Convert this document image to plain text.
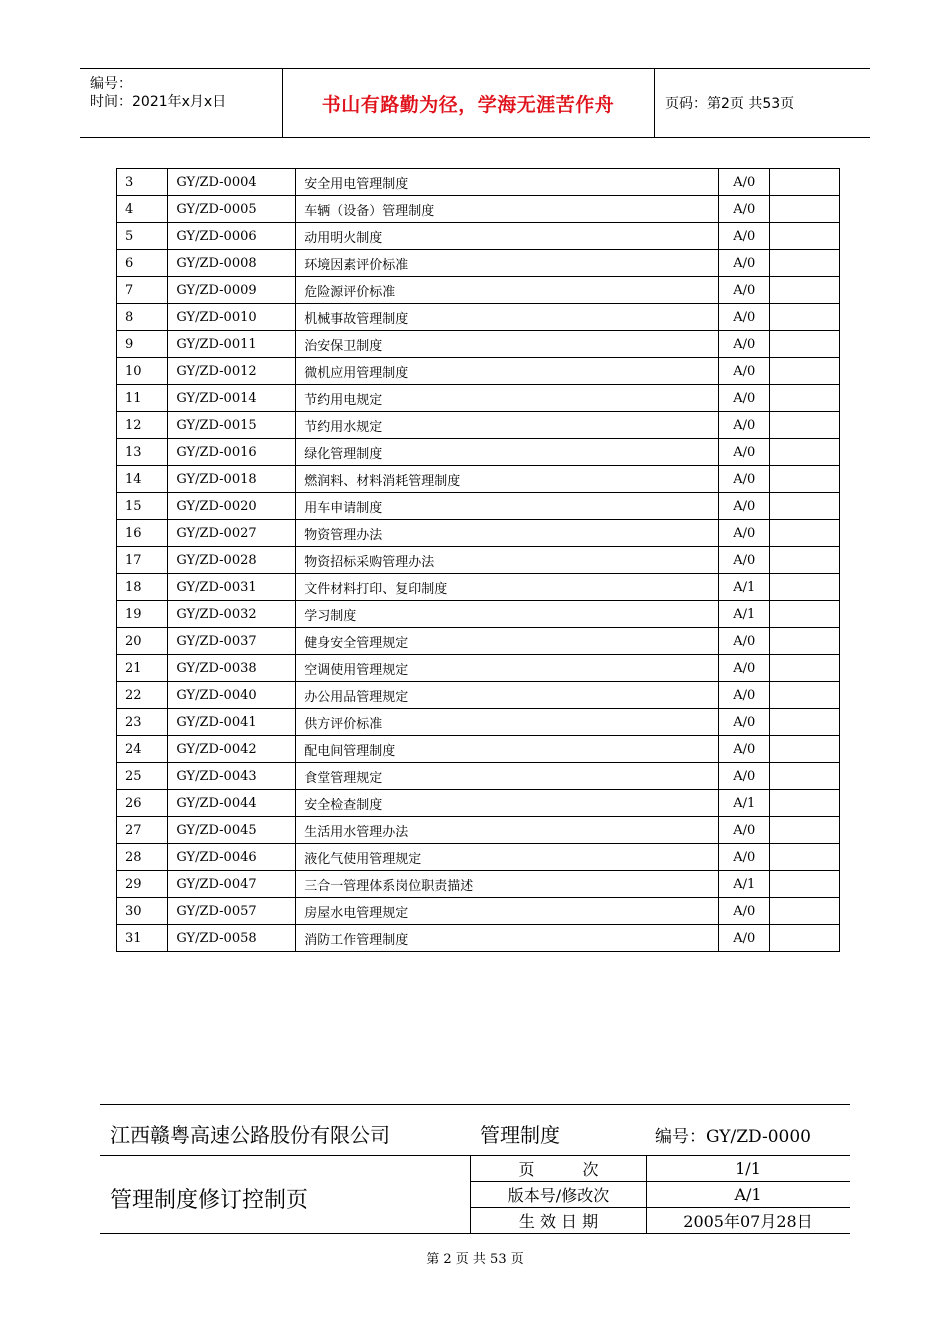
编号：
时间：2021年x月x日	书山有路勤为径，学海无涯苦作舟	页码：第2页 共53页
3	GY/ZD-0004	安全用电管理制度	A/0	
4	GY/ZD-0005	车辆（设备）管理制度	A/0	
5	GY/ZD-0006	动用明火制度	A/0	
6	GY/ZD-0008	环境因素评价标准	A/0	
7	GY/ZD-0009	危险源评价标准	A/0	
8	GY/ZD-0010	机械事故管理制度	A/0	
9	GY/ZD-0011	治安保卫制度	A/0	
10	GY/ZD-0012	微机应用管理制度	A/0	
11	GY/ZD-0014	节约用电规定	A/0	
12	GY/ZD-0015	节约用水规定	A/0	
13	GY/ZD-0016	绿化管理制度	A/0	
14	GY/ZD-0018	燃润料、材料消耗管理制度	A/0	
15	GY/ZD-0020	用车申请制度	A/0	
16	GY/ZD-0027	物资管理办法	A/0	
17	GY/ZD-0028	物资招标采购管理办法	A/0	
18	GY/ZD-0031	文件材料打印、复印制度	A/1	
19	GY/ZD-0032	学习制度	A/1	
20	GY/ZD-0037	健身安全管理规定	A/0	
21	GY/ZD-0038	空调使用管理规定	A/0	
22	GY/ZD-0040	办公用品管理规定	A/0	
23	GY/ZD-0041	供方评价标准	A/0	
24	GY/ZD-0042	配电间管理制度	A/0	
25	GY/ZD-0043	食堂管理规定	A/0	
26	GY/ZD-0044	安全检查制度	A/1	
27	GY/ZD-0045	生活用水管理办法	A/0	
28	GY/ZD-0046	液化气使用管理规定	A/0	
29	GY/ZD-0047	三合一管理体系岗位职责描述	A/1	
30	GY/ZD-0057	房屋水电管理规定	A/0	
31	GY/ZD-0058	消防工作管理制度	A/0	
江西赣粤高速公路股份有限公司	管理制度	编号：GY/ZD-0000
管理制度修订控制页
页　　　次	1/1
版本号/修改次	A/1
生 效 日 期	2005年07月28日
第 2 页 共 53 页
